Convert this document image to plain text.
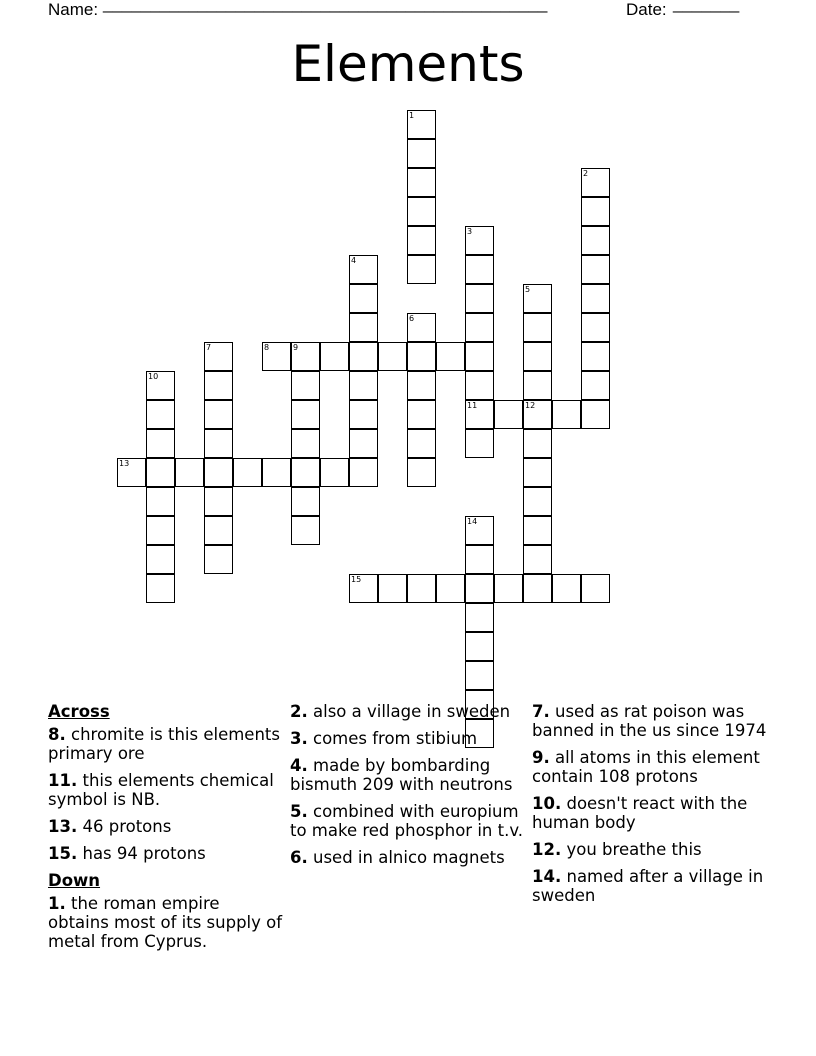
Name: _______________________________________________	Date: _______
Elements
1
2
3
11
4
5
12
6
7	8	9
10
13
14
15
Across
8. chromite is this elements primary ore
11. this elements chemical symbol is NB.
13. 46 protons
15. has 94 protons
Down
1. the roman empire obtains most of its supply of metal from Cyprus.
2. also a village in sweden
3. comes from stibium
4. made by bombarding bismuth 209 with neutrons
5. combined with europium to make red phosphor in t.v.
6. used in alnico magnets
7. used as rat poison was banned in the us since 1974
9. all atoms in this element contain 108 protons
10. doesn't react with the human body
12. you breathe this
14. named after a village in sweden
